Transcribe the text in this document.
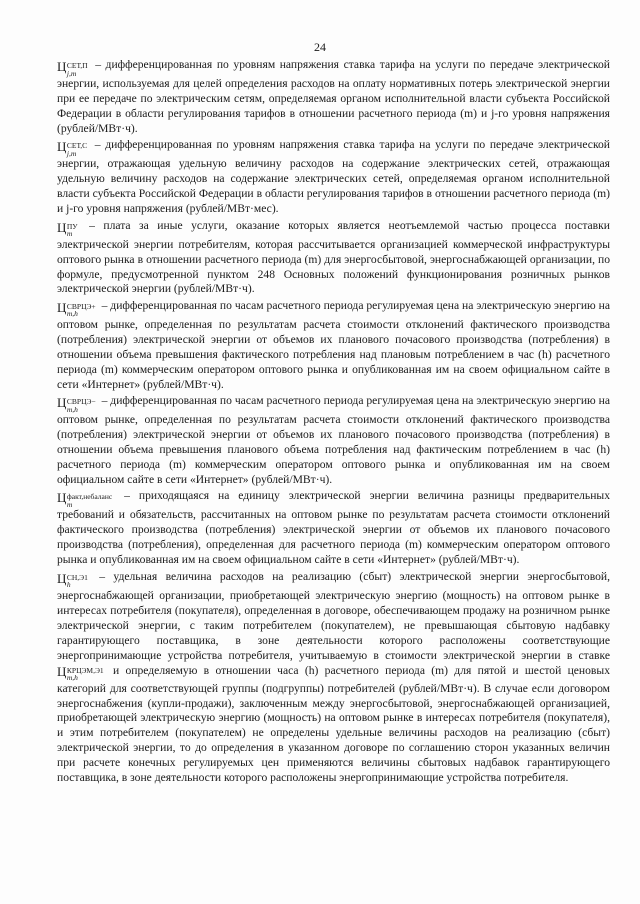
24

Ц СЕТ,П
j,m
– дифференцированная по уровням напряжения ставка тарифа на услуги по передаче электрической энергии, используемая для целей определения расходов на оплату нормативных потерь электрической энергии при ее передаче по электрическим сетям, определяемая органом исполнительной власти субъекта Российской Федерации в области регулирования тарифов в отношении расчетного периода (m) и j-го уровня напряжения (рублей/МВт·ч).

Ц СЕТ,С
j,m
– дифференцированная по уровням напряжения ставка тарифа на услуги по передаче электрической энергии, отражающая удельную величину расходов на содержание электрических сетей, отражающая удельную величину расходов на содержание электрических сетей, определяемая органом исполнительной власти субъекта Российской Федерации в области регулирования тарифов в отношении расчетного периода (m) и j-го уровня напряжения (рублей/МВт·мес).

Ц ПУ
m
– плата за иные услуги, оказание которых является неотъемлемой частью процесса поставки электрической энергии потребителям, которая рассчитывается организацией коммерческой инфраструктуры оптового рынка в отношении расчетного периода (m) для энергосбытовой, энергоснабжающей организации, по формуле, предусмотренной пунктом 248 Основных положений функционирования розничных рынков электрической энергии (рублей/МВт·ч).

Ц СВРЦЭ+
m,h
– дифференцированная по часам расчетного периода регулируемая цена на электрическую энергию на оптовом рынке, определенная по результатам расчета стоимости отклонений фактического производства (потребления) электрической энергии от объемов их планового почасового производства (потребления) в отношении объема превышения фактического потребления над плановым потреблением в час (h) расчетного периода (m) коммерческим оператором оптового рынка и опубликованная им на своем официальном сайте в сети «Интернет» (рублей/МВт·ч).

Ц СВРЦЭ−
m,h
– дифференцированная по часам расчетного периода регулируемая цена на электрическую энергию на оптовом рынке, определенная по результатам расчета стоимости отклонений фактического производства (потребления) электрической энергии от объемов их планового почасового производства (потребления) в отношении объема превышения планового объема потребления над фактическим потреблением в час (h) расчетного периода (m) коммерческим оператором оптового рынка и опубликованная им на своем официальном сайте в сети «Интернет» (рублей/МВт·ч).

Ц факт,небаланс
m
– приходящаяся на единицу электрической энергии величина разницы предварительных требований и обязательств, рассчитанных на оптовом рынке по результатам расчета стоимости отклонений фактического производства (потребления) электрической энергии от объемов их планового почасового производства (потребления), определенная для расчетного периода (m) коммерческим оператором оптового рынка и опубликованная им на своем официальном сайте в сети «Интернет» (рублей/МВт·ч).

Ц СН,Э1
h
– удельная величина расходов на реализацию (сбыт) электрической энергии энергосбытовой, энергоснабжающей организации, приобретающей электрическую энергию (мощность) на оптовом рынке в интересах потребителя (покупателя), определенная в договоре, обеспечивающем продажу на розничном рынке электрической энергии, с таким потребителем (покупателем), не превышающая сбытовую надбавку гарантирующего поставщика, в зоне деятельности которого расположены соответствующие энергопринимающие устройства потребителя, учитываемую в стоимости электрической энергии в ставке Ц КРЦЭМ,Э1
m,h
и определяемую в отношении часа (h) расчетного периода (m) для пятой и шестой ценовых категорий для соответствующей группы (подгруппы) потребителей (рублей/МВт·ч). В случае если договором энергоснабжения (купли-продажи), заключенным между энергосбытовой, энергоснабжающей организацией, приобретающей электрическую энергию (мощность) на оптовом рынке в интересах потребителя (покупателя), и этим потребителем (покупателем) не определены удельные величины расходов на реализацию (сбыт) электрической энергии, то до определения в указанном договоре по соглашению сторон указанных величин при расчете конечных регулируемых цен применяются величины сбытовых надбавок гарантирующего поставщика, в зоне деятельности которого расположены энергопринимающие устройства потребителя.
